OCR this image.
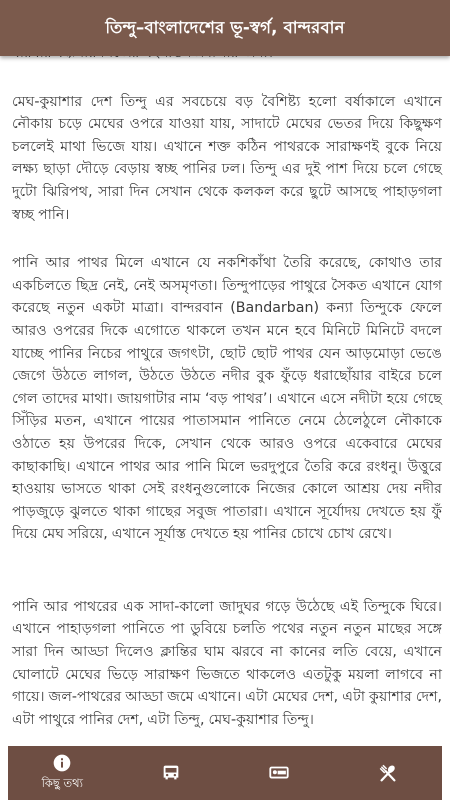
তিন্দু–বাংলাদেশের ভূ-স্বর্গ, বান্দরবান

মেঘ-কুয়াশার দেশ তিন্দু এর সবচেয়ে বড় বৈশিষ্ট্য হলো বর্ষাকালে এখানে নৌকায় চড়ে মেঘের ওপরে যাওয়া যায়, সাদাটে মেঘের ভেতর দিয়ে কিছুক্ষণ চললেই মাথা ভিজে যায়। এখানে শক্ত কঠিন পাথরকে সারাক্ষণই বুকে নিয়ে লক্ষ্য ছাড়া দৌড়ে বেড়ায় স্বচ্ছ পানির ঢল। তিন্দু এর দুই পাশ দিয়ে চলে গেছে দুটো ঝিরিপথ, সারা দিন সেখান থেকে কলকল করে ছুটে আসছে পাহাড়গলা স্বচ্ছ পানি।

পানি আর পাথর মিলে এখানে যে নকশিকাঁথা তৈরি করেছে, কোথাও তার একচিলতে ছিদ্র নেই, নেই অসমৃণতা। তিন্দুপাড়ের পাথুরে সৈকত এখানে যোগ করেছে নতুন একটা মাত্রা। বান্দরবান (Bandarban) কন্যা তিন্দুকে ফেলে আরও ওপরের দিকে এগোতে থাকলে তখন মনে হবে মিনিটে মিনিটে বদলে যাচ্ছে পানির নিচের পাথুরে জগৎটা, ছোট ছোট পাথর যেন আড়মোড়া ভেঙে জেগে উঠতে লাগল, উঠতে উঠতে নদীর বুক ফুঁড়ে ধরাছোঁয়ার বাইরে চলে গেল তাদের মাথা। জায়গাটার নাম ‘বড় পাথর’। এখানে এসে নদীটা হয়ে গেছে সিঁড়ির মতন, এখানে পায়ের পাতাসমান পানিতে নেমে ঠেলেঠুলে নৌকাকে ওঠাতে হয় উপরের দিকে, সেখান থেকে আরও ওপরে একেবারে মেঘের কাছাকাছি। এখানে পাথর আর পানি মিলে ভরদুপুরে তৈরি করে রংধনু। উত্তুরে হাওয়ায় ভাসতে থাকা সেই রংধনুগুলোকে নিজের কোলে আশ্রয় দেয় নদীর পাড়জুড়ে ঝুলতে থাকা গাছের সবুজ পাতারা। এখানে সূর্যোদয় দেখতে হয় ফুঁ দিয়ে মেঘ সরিয়ে, এখানে সূর্যাস্ত দেখতে হয় পানির চোখে চোখ রেখে।

পানি আর পাথরের এক সাদা-কালো জাদুঘর গড়ে উঠেছে এই তিন্দুকে ঘিরে। এখানে পাহাড়গলা পানিতে পা ডুবিয়ে চলতি পথের নতুন নতুন মাছের সঙ্গে সারা দিন আড্ডা দিলেও ক্লান্তির ঘাম ঝরবে না কানের লতি বেয়ে, এখানে ঘোলাটে মেঘের ভিড়ে সারাক্ষণ ভিজতে থাকলেও এতটুকু ময়লা লাগবে না গায়ে। জল-পাথরের আড্ডা জমে এখানে। এটা মেঘের দেশ, এটা কুয়াশার দেশ, এটা পাথুরে পানির দেশ, এটা তিন্দু, মেঘ-কুয়াশার তিন্দু।

কিছু তথ্য
